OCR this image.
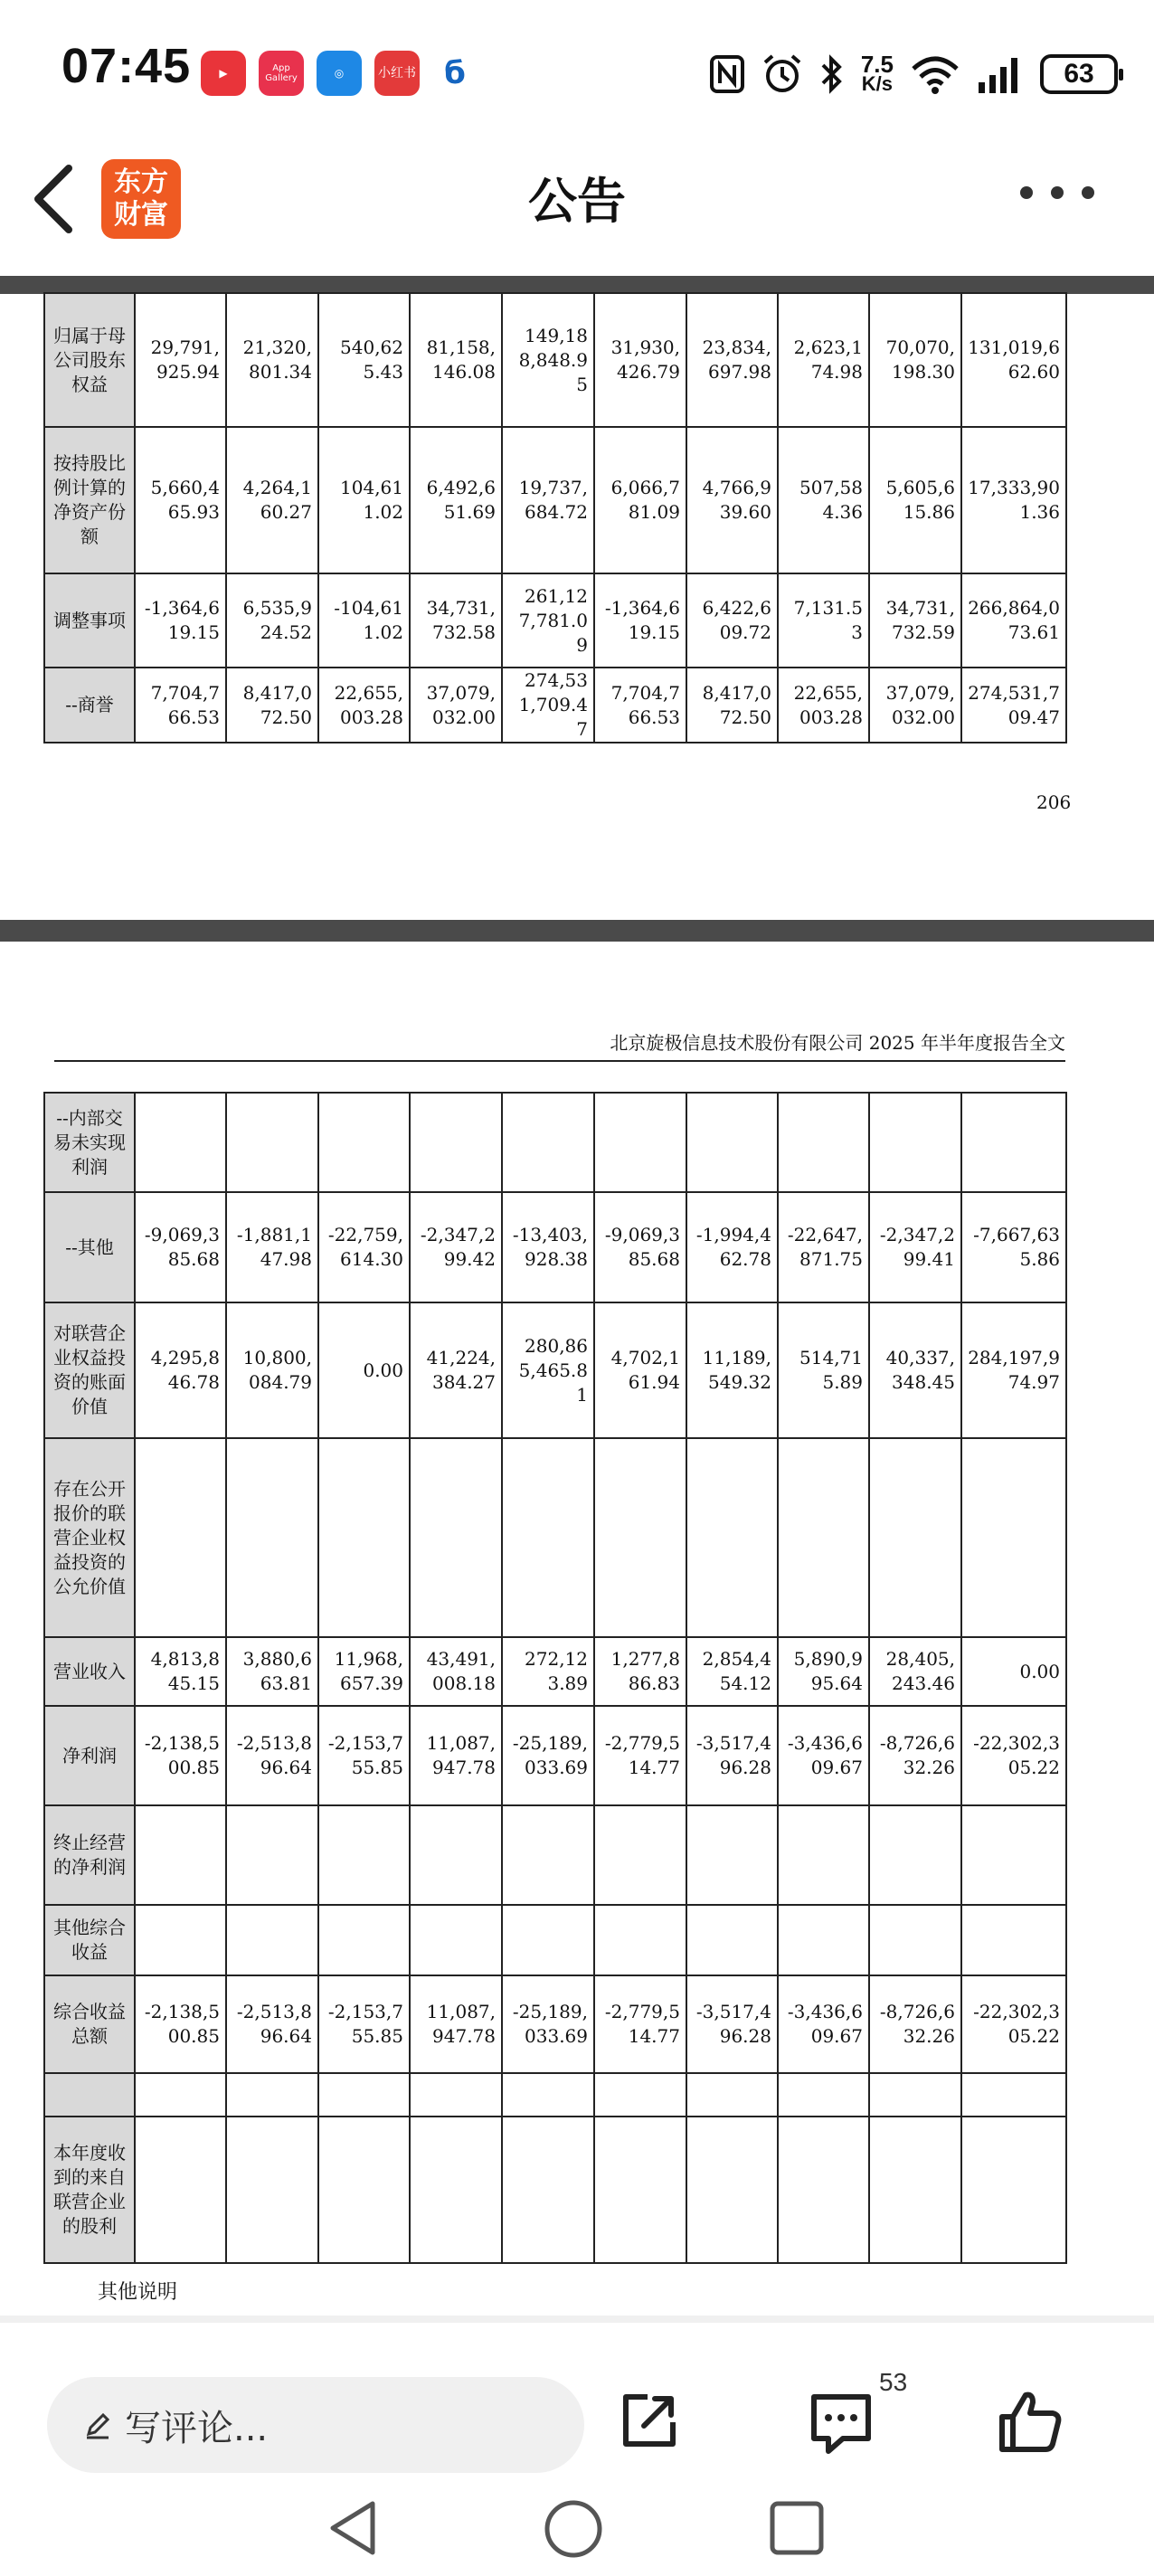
07:45	▶	App Gallery	◎	小红书 б	7.5
K/s	63
东方财富	公告
归属于母公司股东权益	29,791,925.94	21,320,801.34	540,625.43	81,158,146.08	149,188,848.95	31,930,426.79	23,834,697.98	2,623,174.98	70,070,198.30	131,019,662.60
按持股比例计算的净资产份额	5,660,465.93	4,264,160.27	104,611.02	6,492,651.69	19,737,684.72	6,066,781.09	4,766,939.60	507,584.36	5,605,615.86	17,333,901.36
调整事项	-1,364,619.15	6,535,924.52	-104,611.02	34,731,732.58	261,127,781.09	-1,364,619.15	6,422,609.72	7,131.53	34,731,732.59	266,864,073.61
--商誉	7,704,766.53	8,417,072.50	22,655,003.28	37,079,032.00	274,531,709.47	7,704,766.53	8,417,072.50	22,655,003.28	37,079,032.00	274,531,709.47
206
北京旋极信息技术股份有限公司 2025 年半年度报告全文
--内部交易未实现利润										
--其他	-9,069,385.68	-1,881,147.98	-22,759,614.30	-2,347,299.42	-13,403,928.38	-9,069,385.68	-1,994,462.78	-22,647,871.75	-2,347,299.41	-7,667,635.86
对联营企业权益投资的账面价值	4,295,846.78	10,800,084.79	0.00	41,224,384.27	280,865,465.81	4,702,161.94	11,189,549.32	514,715.89	40,337,348.45	284,197,974.97
存在公开报价的联营企业权益投资的公允价值										
营业收入	4,813,845.15	3,880,663.81	11,968,657.39	43,491,008.18	272,123.89	1,277,886.83	2,854,454.12	5,890,995.64	28,405,243.46	0.00
净利润	-2,138,500.85	-2,513,896.64	-2,153,755.85	11,087,947.78	-25,189,033.69	-2,779,514.77	-3,517,496.28	-3,436,609.67	-8,726,632.26	-22,302,305.22
终止经营的净利润										
其他综合收益										
综合收益总额	-2,138,500.85	-2,513,896.64	-2,153,755.85	11,087,947.78	-25,189,033.69	-2,779,514.77	-3,517,496.28	-3,436,609.67	-8,726,632.26	-22,302,305.22

本年度收到的来自联营企业的股利										
其他说明
写评论...
53
